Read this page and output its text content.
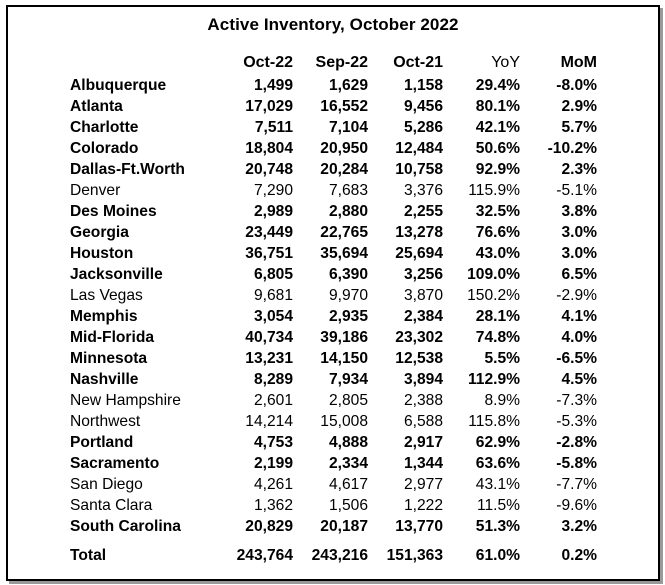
Active Inventory, October 2022
	Oct-22	Sep-22	Oct-21	YoY	MoM
Albuquerque	1,499	1,629	1,158	29.4%	-8.0%
Atlanta	17,029	16,552	9,456	80.1%	2.9%
Charlotte	7,511	7,104	5,286	42.1%	5.7%
Colorado	18,804	20,950	12,484	50.6%	-10.2%
Dallas-Ft.Worth	20,748	20,284	10,758	92.9%	2.3%
Denver	7,290	7,683	3,376	115.9%	-5.1%
Des Moines	2,989	2,880	2,255	32.5%	3.8%
Georgia	23,449	22,765	13,278	76.6%	3.0%
Houston	36,751	35,694	25,694	43.0%	3.0%
Jacksonville	6,805	6,390	3,256	109.0%	6.5%
Las Vegas	9,681	9,970	3,870	150.2%	-2.9%
Memphis	3,054	2,935	2,384	28.1%	4.1%
Mid-Florida	40,734	39,186	23,302	74.8%	4.0%
Minnesota	13,231	14,150	12,538	5.5%	-6.5%
Nashville	8,289	7,934	3,894	112.9%	4.5%
New Hampshire	2,601	2,805	2,388	8.9%	-7.3%
Northwest	14,214	15,008	6,588	115.8%	-5.3%
Portland	4,753	4,888	2,917	62.9%	-2.8%
Sacramento	2,199	2,334	1,344	63.6%	-5.8%
San Diego	4,261	4,617	2,977	43.1%	-7.7%
Santa Clara	1,362	1,506	1,222	11.5%	-9.6%
South Carolina	20,829	20,187	13,770	51.3%	3.2%
Total	243,764	243,216	151,363	61.0%	0.2%
